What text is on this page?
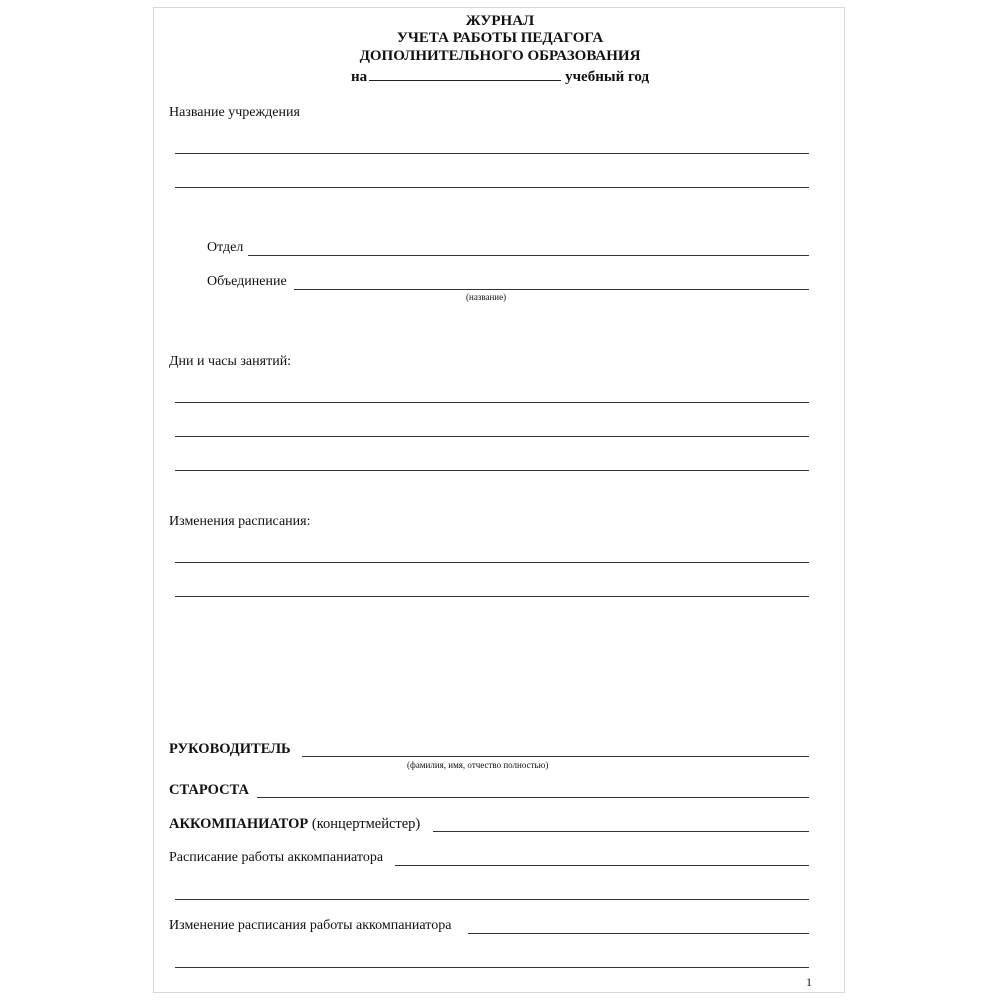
ЖУРНАЛ
УЧЕТА РАБОТЫ ПЕДАГОГА
ДОПОЛНИТЕЛЬНОГО ОБРАЗОВАНИЯ
на	учебный год
Название учреждения
Отдел
Объединение
(название)
Дни и часы занятий:
Изменения расписания:
РУКОВОДИТЕЛЬ
(фамилия, имя, отчество полностью)
СТАРОСТА
АККОМПАНИАТОР (концертмейстер)
Расписание работы аккомпаниатора
Изменение расписания работы аккомпаниатора
1
